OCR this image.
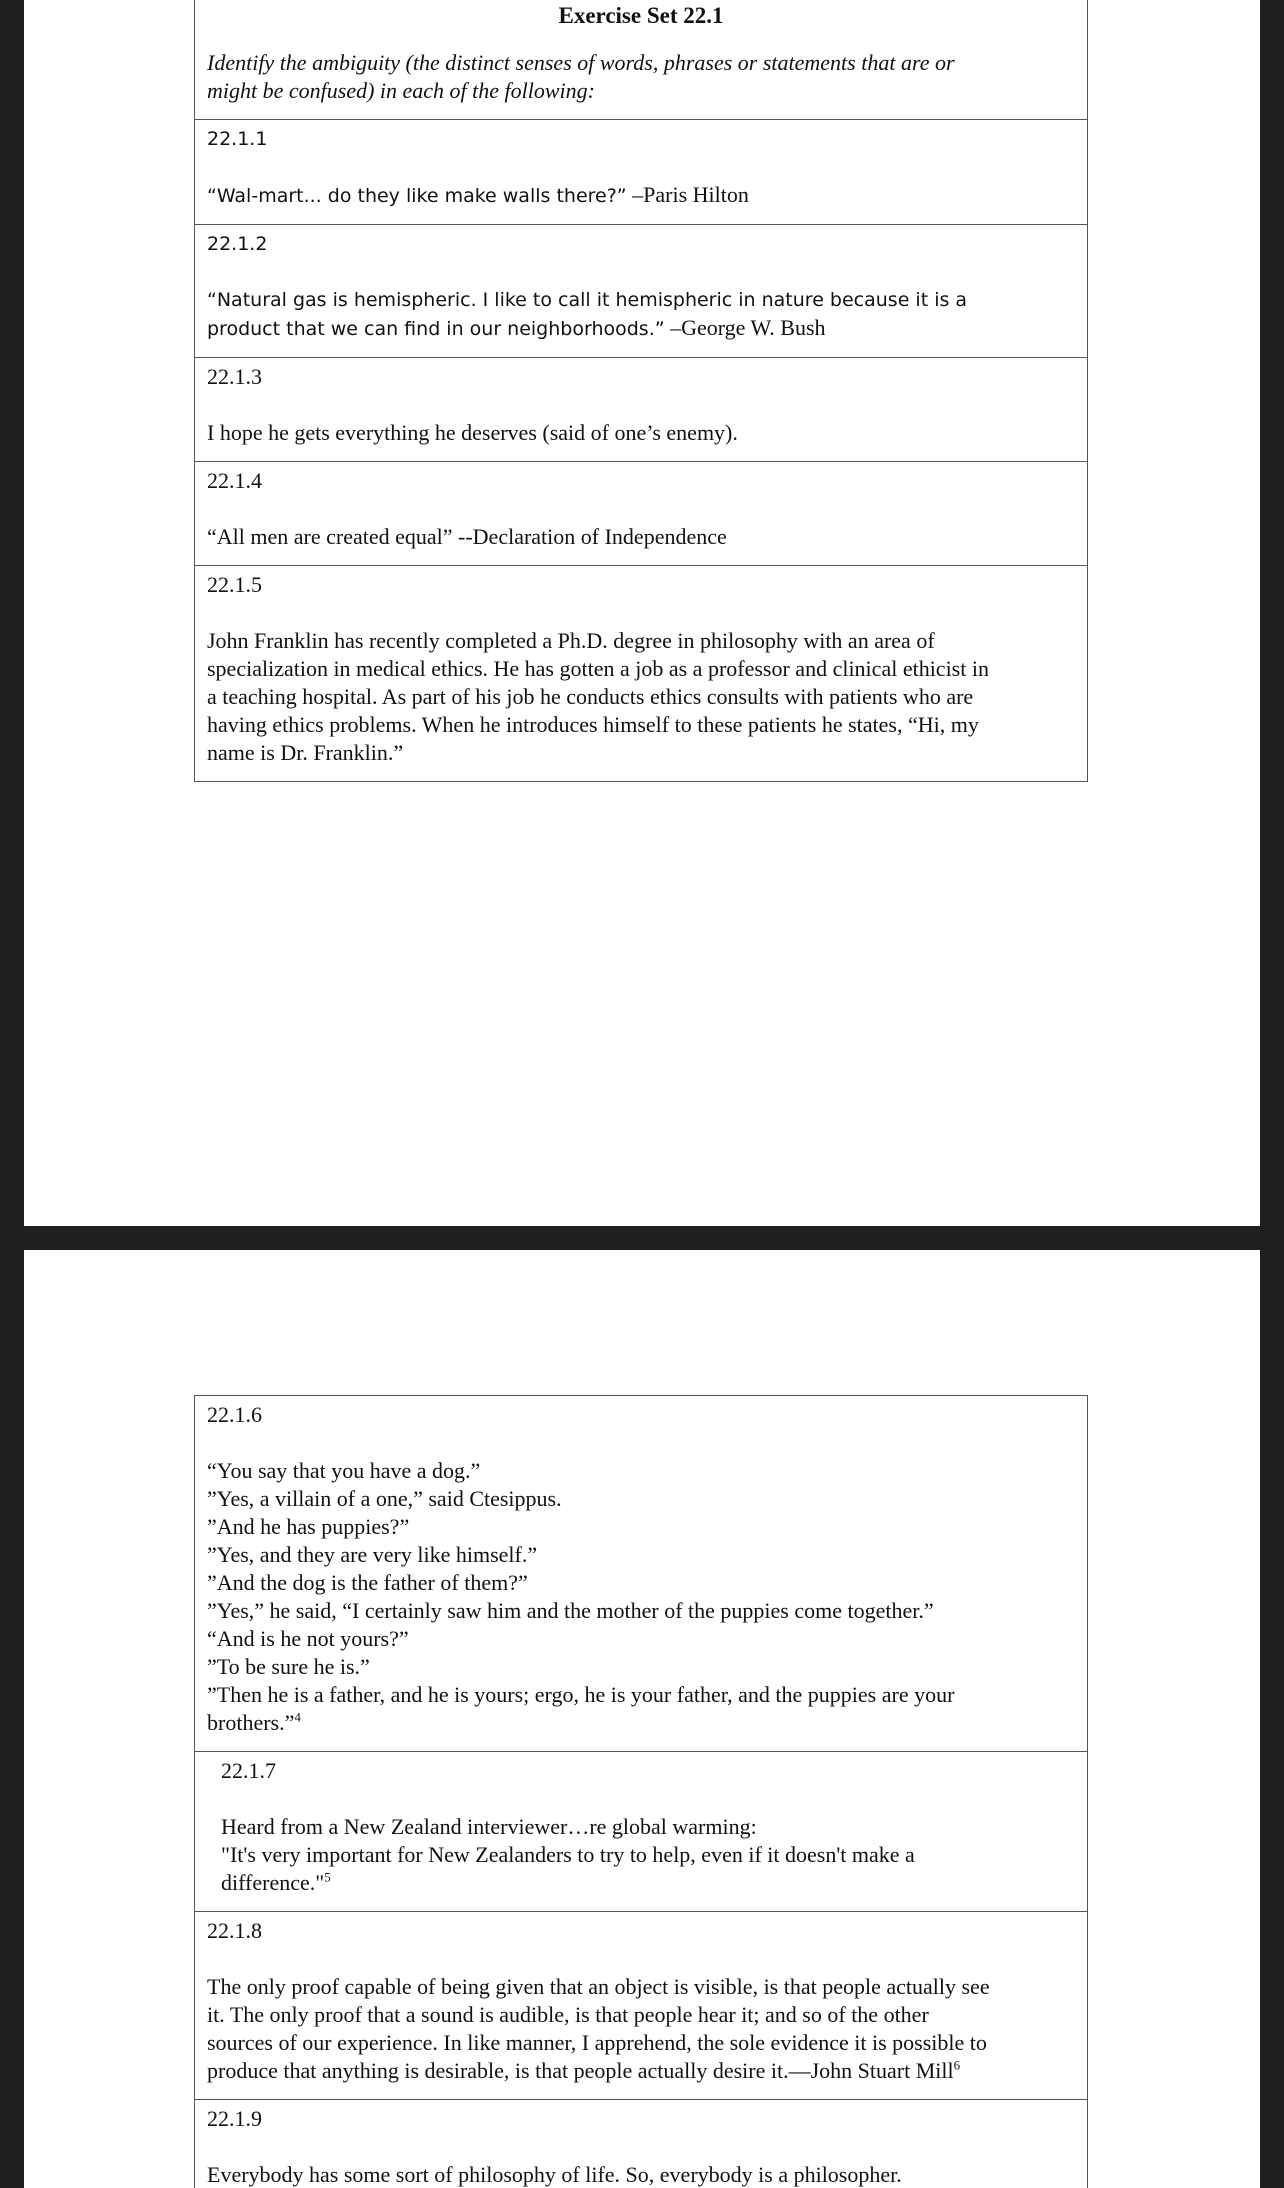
Exercise Set 22.1
Identify the ambiguity (the distinct senses of words, phrases or statements that are or
might be confused) in each of the following:
22.1.1
“Wal-mart... do they like make walls there?” –Paris Hilton
22.1.2
“Natural gas is hemispheric. I like to call it hemispheric in nature because it is a
product that we can find in our neighborhoods.” –George W. Bush
22.1.3
I hope he gets everything he deserves (said of one’s enemy).
22.1.4
“All men are created equal” --Declaration of Independence
22.1.5
John Franklin has recently completed a Ph.D. degree in philosophy with an area of
specialization in medical ethics. He has gotten a job as a professor and clinical ethicist in
a teaching hospital. As part of his job he conducts ethics consults with patients who are
having ethics problems. When he introduces himself to these patients he states, “Hi, my
name is Dr. Franklin.”
22.1.6
“You say that you have a dog.”
”Yes, a villain of a one,” said Ctesippus.
”And he has puppies?”
”Yes, and they are very like himself.”
”And the dog is the father of them?”
”Yes,” he said, “I certainly saw him and the mother of the puppies come together.”
“And is he not yours?”
”To be sure he is.”
”Then he is a father, and he is yours; ergo, he is your father, and the puppies are your
brothers.”$^4$
22.1.7
Heard from a New Zealand interviewer…re global warming:
"It's very important for New Zealanders to try to help, even if it doesn't make a
difference."$^5$
22.1.8
The only proof capable of being given that an object is visible, is that people actually see
it. The only proof that a sound is audible, is that people hear it; and so of the other
sources of our experience. In like manner, I apprehend, the sole evidence it is possible to
produce that anything is desirable, is that people actually desire it.—John Stuart Mill$^6$
22.1.9
Everybody has some sort of philosophy of life. So, everybody is a philosopher.
